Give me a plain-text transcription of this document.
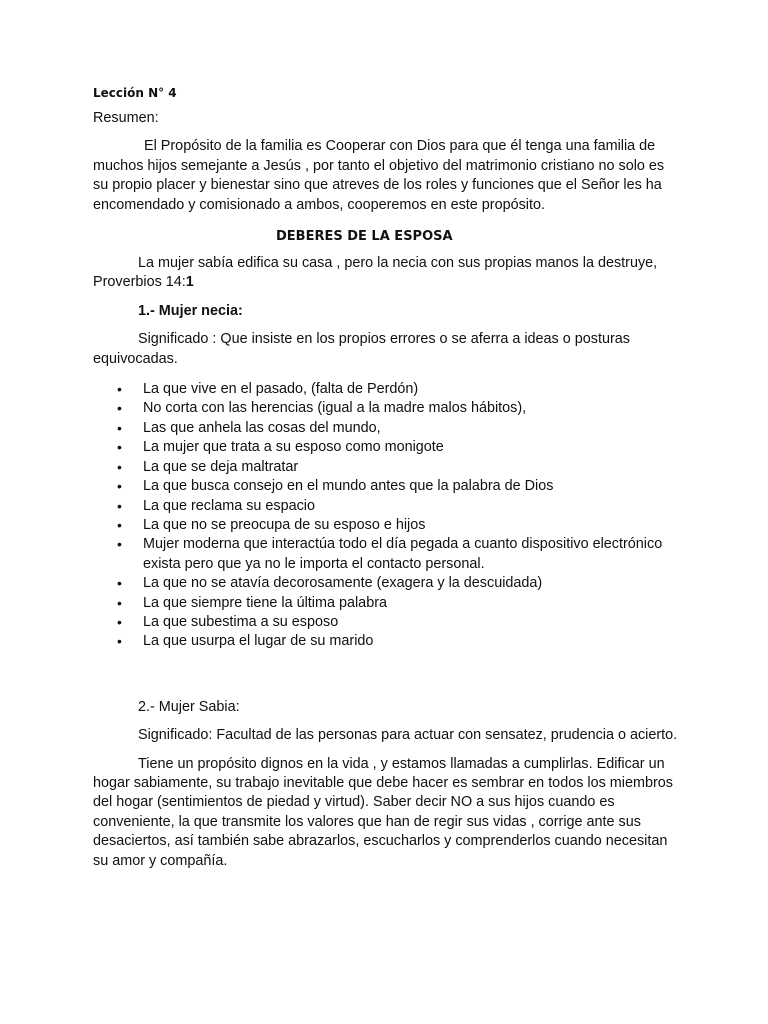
Lección N° 4
Resumen:
El Propósito de la familia es Cooperar con Dios para que él tenga una familia de muchos hijos semejante a Jesús , por tanto el objetivo del matrimonio cristiano no solo es su propio placer y bienestar sino que atreves de los roles y funciones que el Señor les ha encomendado y comisionado a ambos, cooperemos en este propósito.
DEBERES DE LA ESPOSA
La mujer sabía edifica su casa , pero la necia con sus propias manos la destruye, Proverbios 14:1
1.- Mujer necia:
Significado : Que insiste en los propios errores o se aferra a ideas o posturas equivocadas.
• La que vive en el pasado, (falta de Perdón)
• No corta con las herencias (igual a la madre malos hábitos),
• Las que anhela las cosas del mundo,
• La mujer que trata a su esposo como monigote
• La que se deja maltratar
• La que busca consejo en el mundo antes que la palabra de Dios
• La que reclama su espacio
• La que no se preocupa de su esposo e hijos
• Mujer moderna que interactúa todo el día pegada a cuanto dispositivo electrónico exista pero que ya no le importa el contacto personal.
• La que no se atavía decorosamente (exagera y la descuidada)
• La que siempre tiene la última palabra
• La que subestima a su esposo
• La que usurpa el lugar de su marido
2.- Mujer Sabia:
Significado: Facultad de las personas para actuar con sensatez, prudencia o acierto.
Tiene un propósito dignos en la vida , y estamos llamadas a cumplirlas. Edificar un hogar sabiamente, su trabajo inevitable que debe hacer es sembrar en todos los miembros del hogar (sentimientos de piedad y virtud). Saber decir NO a sus hijos cuando es conveniente, la que transmite los valores que han de regir sus vidas , corrige ante sus desaciertos, así también sabe abrazarlos, escucharlos y comprenderlos cuando necesitan su amor y compañía.
